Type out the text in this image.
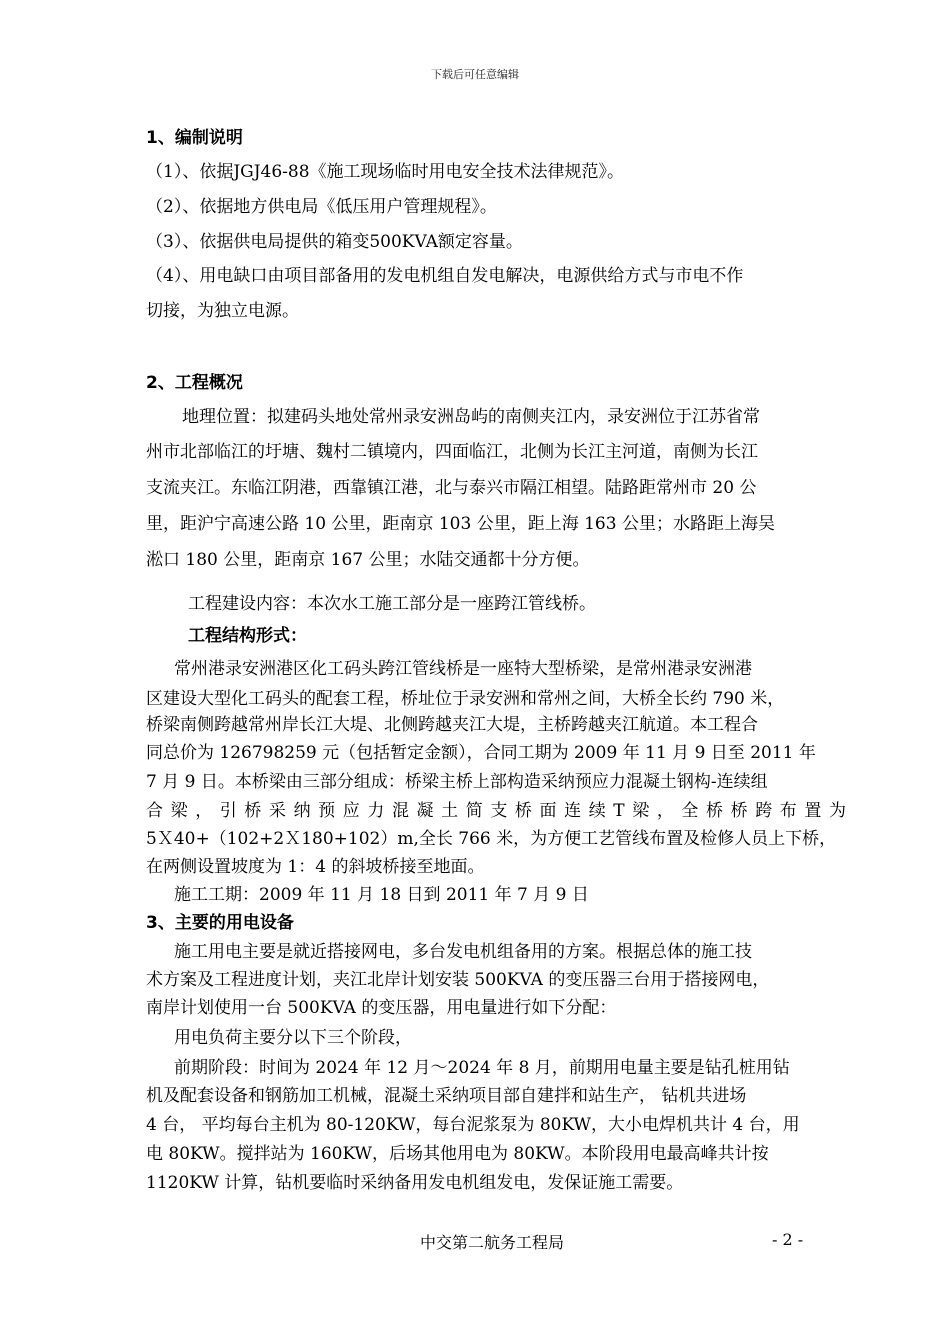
下载后可任意编辑
1、编制说明
（1）、依据JGJ46-88《施工现场临时用电安全技术法律规范》。
（2）、依据地方供电局《低压用户管理规程》。
（3）、依据供电局提供的箱变500KVA额定容量。
（4）、用电缺口由项目部备用的发电机组自发电解决，电源供给方式与市电不作
切接，为独立电源。
2、工程概况
地理位置：拟建码头地处常州录安洲岛屿的南侧夹江内，录安洲位于江苏省常
州市北部临江的圩塘、魏村二镇境内，四面临江，北侧为长江主河道，南侧为长江
支流夹江。东临江阴港，西靠镇江港，北与泰兴市隔江相望。陆路距常州市 20 公
里，距沪宁高速公路 10 公里，距南京 103 公里，距上海 163 公里；水路距上海吴
淞口 180 公里，距南京 167 公里；水陆交通都十分方便。
工程建设内容：本次水工施工部分是一座跨江管线桥。
工程结构形式：
常州港录安洲港区化工码头跨江管线桥是一座特大型桥梁，是常州港录安洲港
区建设大型化工码头的配套工程，桥址位于录安洲和常州之间，大桥全长约 790 米，
桥梁南侧跨越常州岸长江大堤、北侧跨越夹江大堤，主桥跨越夹江航道。本工程合
同总价为 126798259 元（包括暂定金额），合同工期为 2009 年 11 月 9 日至 2011 年
7 月 9 日。本桥梁由三部分组成：桥梁主桥上部构造采纳预应力混凝土钢构-连续组
合 梁 ， 引 桥 采 纳 预 应 力 混 凝 土 简 支 桥 面 连 续 T 梁 ， 全 桥 桥 跨 布 置 为
5Ｘ40+（102+2Ｘ180+102）m,全长 766 米，为方便工艺管线布置及检修人员上下桥，
在两侧设置坡度为 1：4 的斜坡桥接至地面。
施工工期：2009 年 11 月 18 日到 2011 年 7 月 9 日
3、主要的用电设备
施工用电主要是就近搭接网电，多台发电机组备用的方案。根据总体的施工技
术方案及工程进度计划，夹江北岸计划安装 500KVA 的变压器三台用于搭接网电，
南岸计划使用一台 500KVA 的变压器，用电量进行如下分配：
用电负荷主要分以下三个阶段，
前期阶段：时间为 2024 年 12 月～2024 年 8 月，前期用电量主要是钻孔桩用钻
机及配套设备和钢筋加工机械，混凝土采纳项目部自建拌和站生产， 钻机共进场
4 台， 平均每台主机为 80-120KW，每台泥浆泵为 80KW，大小电焊机共计 4 台，用
电 80KW。搅拌站为 160KW，后场其他用电为 80KW。本阶段用电最高峰共计按
1120KW 计算，钻机要临时采纳备用发电机组发电，发保证施工需要。
中交第二航务工程局	- 2 -
